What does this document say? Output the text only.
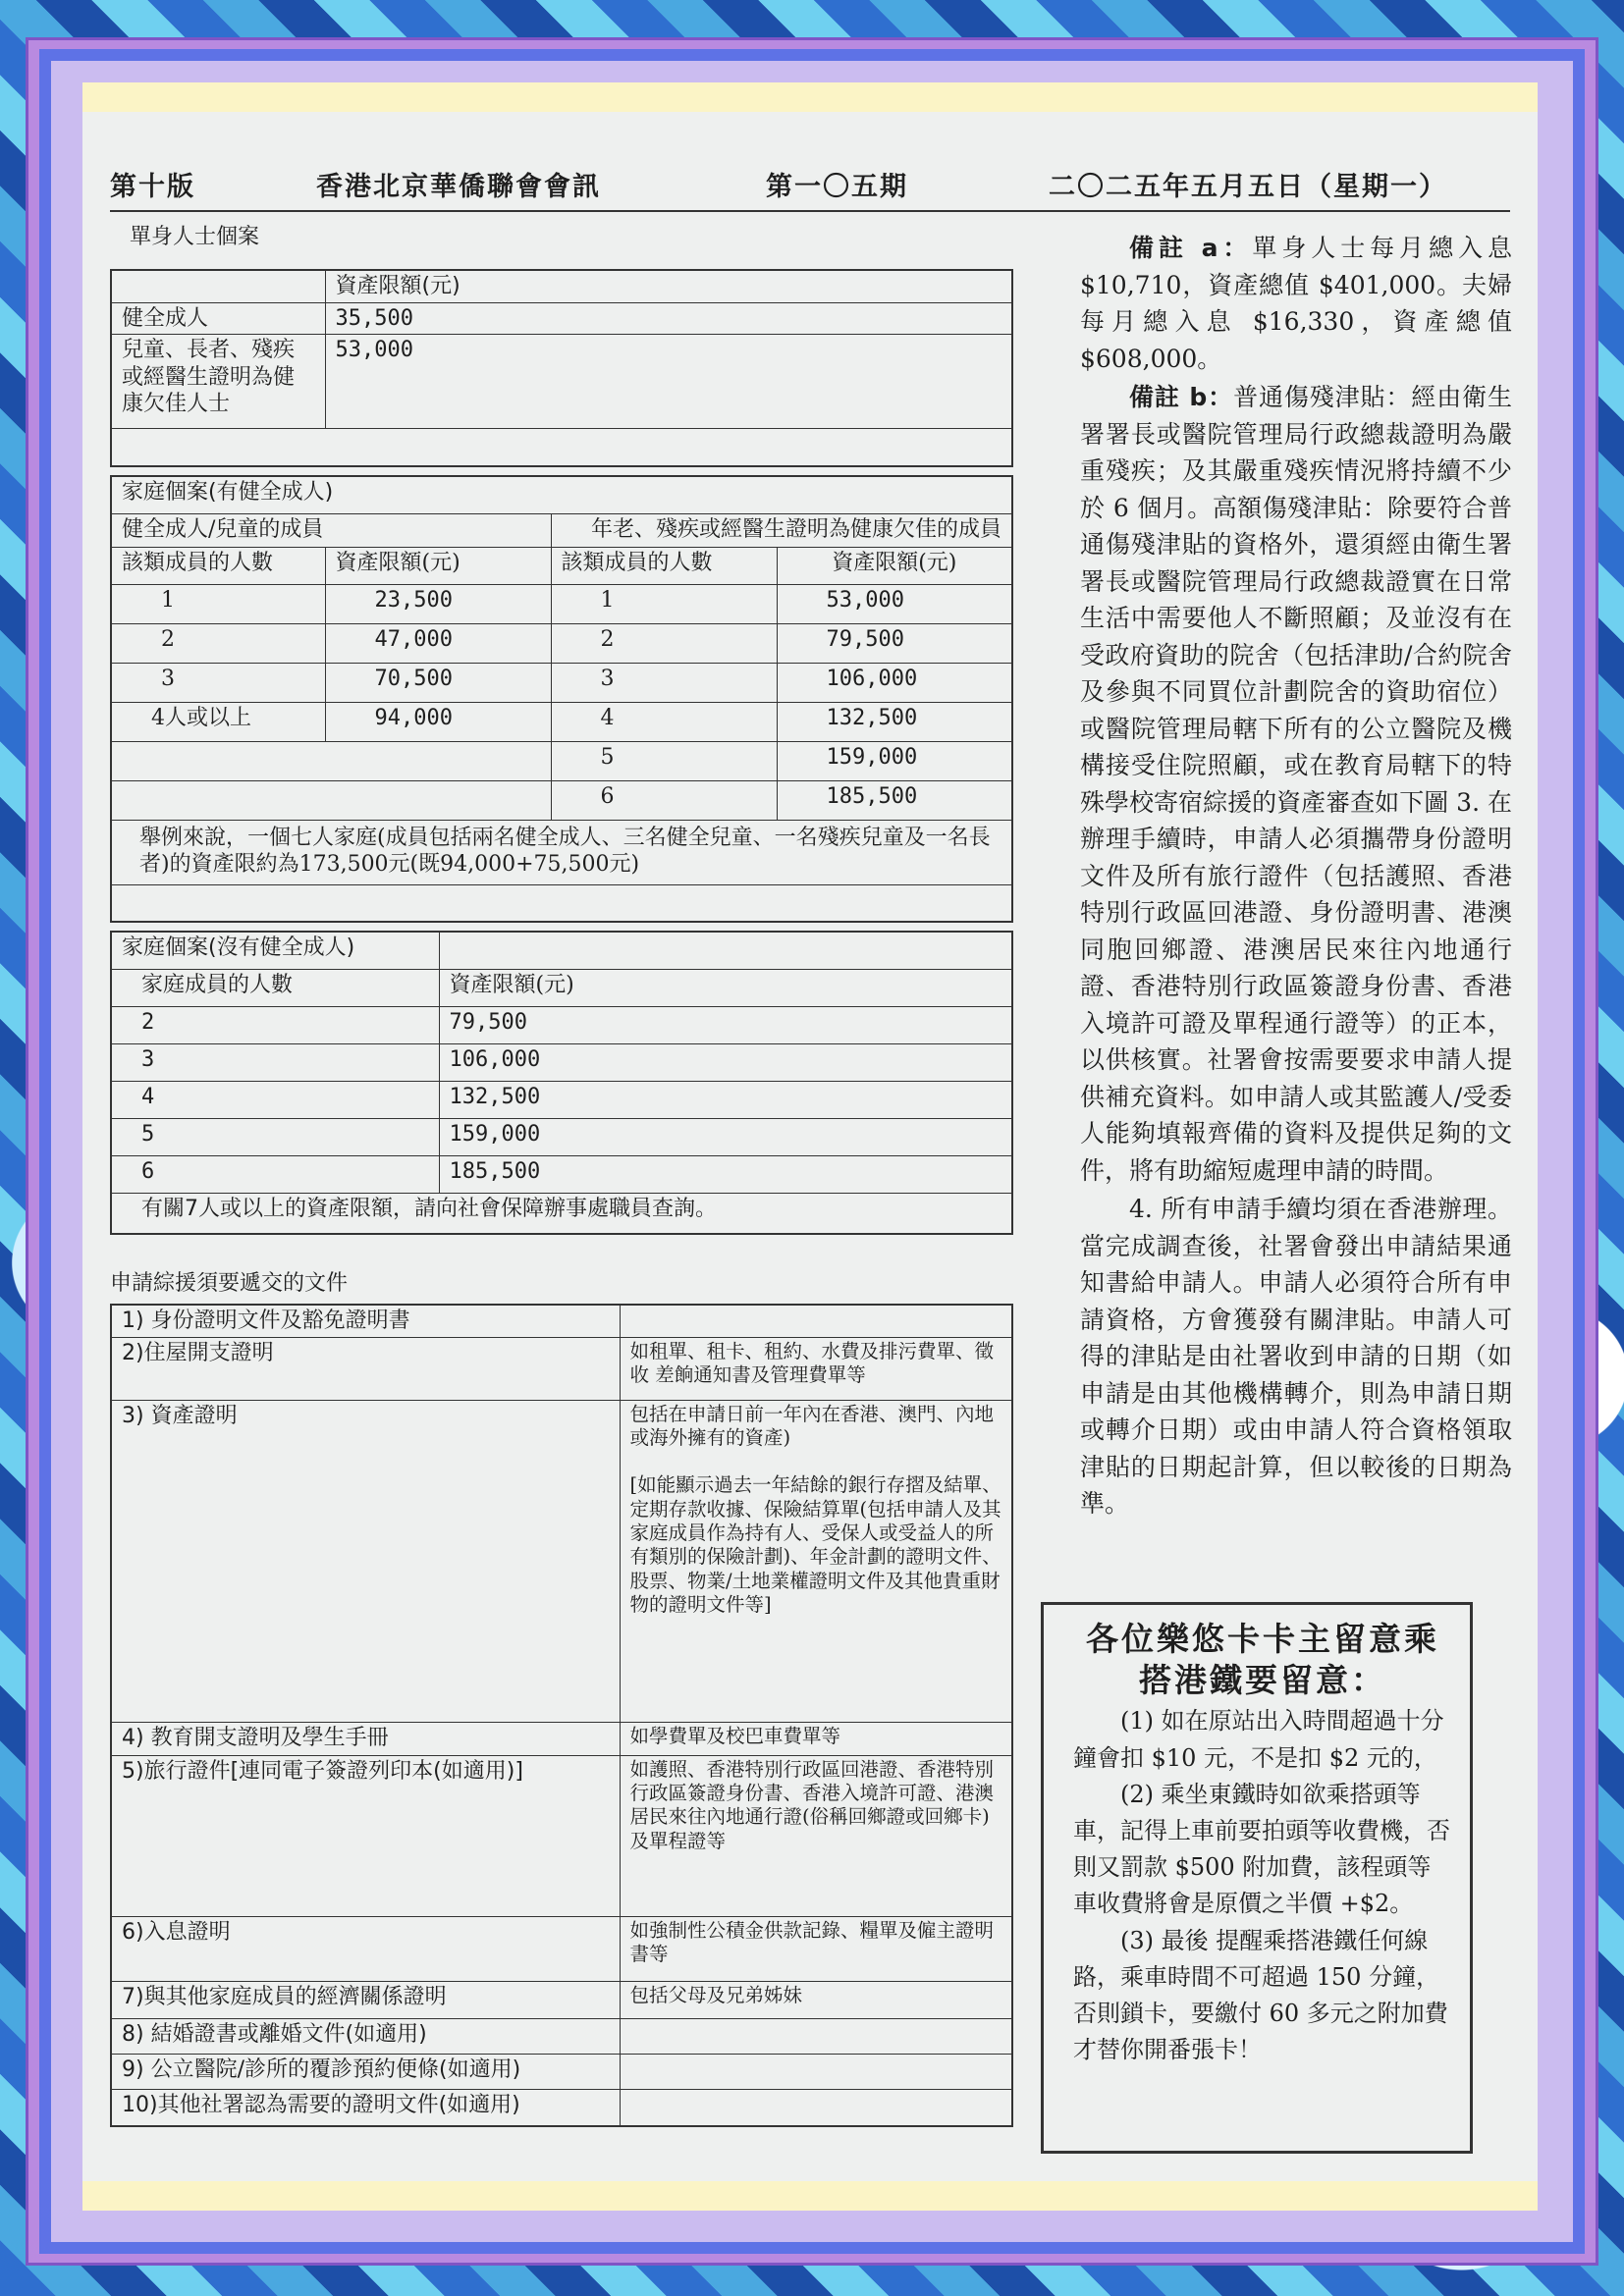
第十版	香港北京華僑聯會會訊	第一〇五期	二〇二五年五月五日（星期一）
單身人士個案
	資產限額(元)
健全成人	35,500
兒童、長者、殘疾或經醫生證明為健康欠佳人士	53,000

家庭個案(有健全成人)			
健全成人/兒童的成員		年老、殘疾或經醫生證明為健康欠佳的成員	
該類成員的人數	資產限額(元)	該類成員的人數	資產限額(元)
1	23,500	1	53,000
2	47,000	2	79,500
3	70,500	3	106,000
4人或以上	94,000	4	132,500
		5	159,000
		6	185,500
舉例來說，一個七人家庭(成員包括兩名健全成人、三名健全兒童、一名殘疾兒童及一名長者)的資產限約為173,500元(既94,000+75,500元)			

家庭個案(沒有健全成人)	
家庭成員的人數	資產限額(元)
2	79,500
3	106,000
4	132,500
5	159,000
6	185,500
有關7人或以上的資產限額，請向社會保障辦事處職員查詢。	
申請綜援須要遞交的文件
1) 身份證明文件及豁免證明書	
2)住屋開支證明	如租單、租卡、租約、水費及排污費單、徵收 差餉通知書及管理費單等
3) 資產證明	包括在申請日前一年內在香港、澳門、內地或海外擁有的資產)
[如能顯示過去一年結餘的銀行存摺及結單、定期存款收據、保險結算單(包括申請人及其家庭成員作為持有人、受保人或受益人的所有類別的保險計劃)、年金計劃的證明文件、股票、物業/土地業權證明文件及其他貴重財物的證明文件等]

4) 教育開支證明及學生手冊	如學費單及校巴車費單等
5)旅行證件[連同電子簽證列印本(如適用)]	如護照、香港特別行政區回港證、香港特別行政區簽證身份書、香港入境許可證、港澳居民來往內地通行證(俗稱回鄉證或回鄉卡)及單程證等
6)入息證明	如強制性公積金供款記錄、糧單及僱主證明書等
7)與其他家庭成員的經濟關係證明	包括父母及兄弟姊妹
8) 結婚證書或離婚文件(如適用)	
9) 公立醫院/診所的覆診預約便條(如適用)	
10)其他社署認為需要的證明文件(如適用)	

備註 a：單身人士每月總入息 $10,710，資產總值 $401,000。夫婦每月總入息 $16,330，資產總值 $608,000。

備註 b：普通傷殘津貼：經由衛生署署長或醫院管理局行政總裁證明為嚴重殘疾；及其嚴重殘疾情況將持續不少於 6 個月。高額傷殘津貼：除要符合普通傷殘津貼的資格外，還須經由衛生署署長或醫院管理局行政總裁證實在日常生活中需要他人不斷照顧；及並沒有在受政府資助的院舍（包括津助/合約院舍及參與不同買位計劃院舍的資助宿位）或醫院管理局轄下所有的公立醫院及機構接受住院照顧，或在教育局轄下的特殊學校寄宿綜援的資產審查如下圖 3. 在辦理手續時，申請人必須攜帶身份證明文件及所有旅行證件（包括護照、香港特別行政區回港證、身份證明書、港澳同胞回鄉證、港澳居民來往內地通行證、香港特別行政區簽證身份書、香港入境許可證及單程通行證等）的正本，以供核實。社署會按需要要求申請人提供補充資料。如申請人或其監護人/受委人能夠填報齊備的資料及提供足夠的文件，將有助縮短處理申請的時間。

4. 所有申請手續均須在香港辦理。當完成調查後，社署會發出申請結果通知書給申請人。申請人必須符合所有申請資格，方會獲發有關津貼。申請人可得的津貼是由社署收到申請的日期（如申請是由其他機構轉介，則為申請日期或轉介日期）或由申請人符合資格領取津貼的日期起計算，但以較後的日期為準。

各位樂悠卡卡主留意乘搭港鐵要留意：

(1) 如在原站出入時間超過十分鐘會扣 $10 元，不是扣 $2 元的，

(2) 乘坐東鐵時如欲乘搭頭等車，記得上車前要拍頭等收費機，否則又罰款 $500 附加費，該程頭等車收費將會是原價之半價 +$2。

(3) 最後 提醒乘搭港鐵任何線路，乘車時間不可超過 150 分鐘，否則鎖卡，要繳付 60 多元之附加費才替你開番張卡！
